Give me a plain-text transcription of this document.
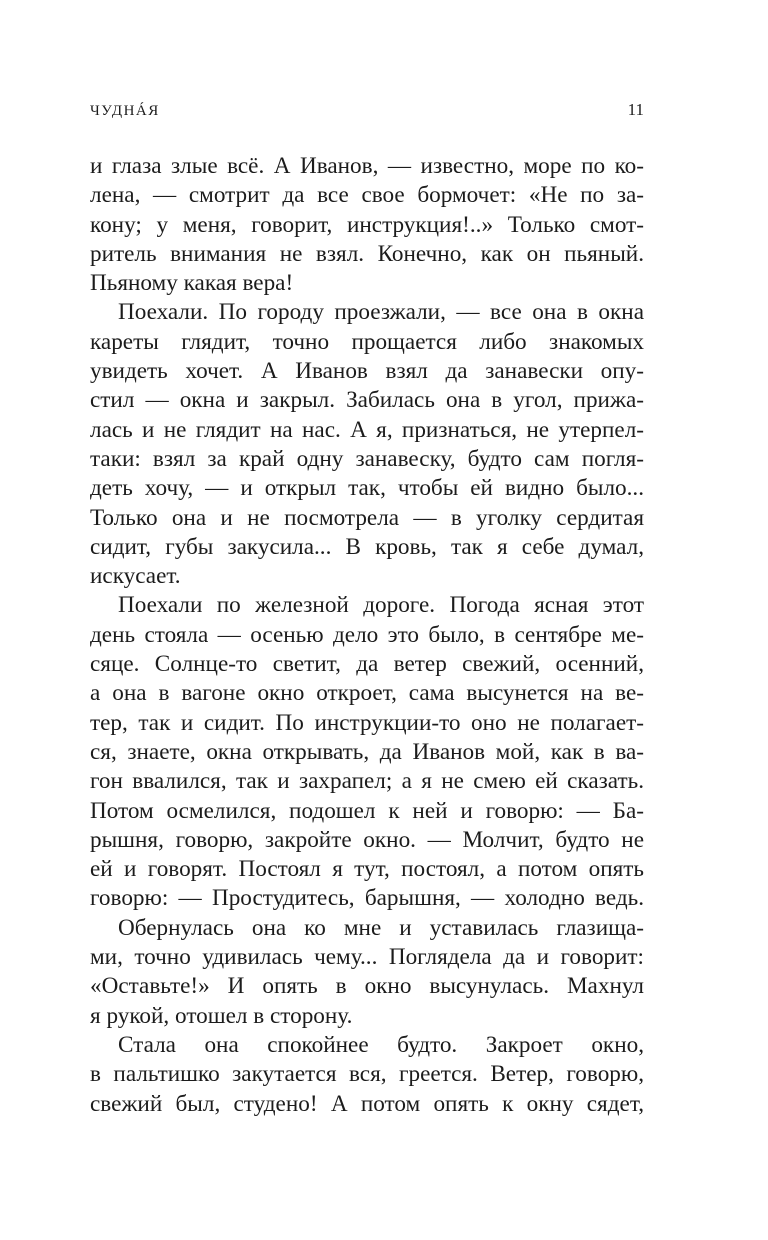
ЧУДНÁЯ	11

и глаза злые всё. А Иванов, — известно, море по ко-
лена, — смотрит да все свое бормочет: «Не по за-
кону; у меня, говорит, инструкция!..» Только смот-
ритель внимания не взял. Конечно, как он пьяный.
Пьяному какая вера!

Поехали. По городу проезжали, — все она в окна
кареты глядит, точно прощается либо знакомых
увидеть хочет. А Иванов взял да занавески опу-
стил — окна и закрыл. Забилась она в угол, прижа-
лась и не глядит на нас. А я, признаться, не утерпел-
таки: взял за край одну занавеску, будто сам погля-
деть хочу, — и открыл так, чтобы ей видно было...
Только она и не посмотрела — в уголку сердитая
сидит, губы закусила... В кровь, так я себе думал,
искусает.

Поехали по железной дороге. Погода ясная этот
день стояла — осенью дело это было, в сентябре ме-
сяце. Солнце-то светит, да ветер свежий, осенний,
а она в вагоне окно откроет, сама высунется на ве-
тер, так и сидит. По инструкции-то оно не полагает-
ся, знаете, окна открывать, да Иванов мой, как в ва-
гон ввалился, так и захрапел; а я не смею ей сказать.
Потом осмелился, подошел к ней и говорю: — Ба-
рышня, говорю, закройте окно. — Молчит, будто не
ей и говорят. Постоял я тут, постоял, а потом опять
говорю: — Простудитесь, барышня, — холодно ведь.

Обернулась она ко мне и уставилась глазища-
ми, точно удивилась чему... Поглядела да и говорит:
«Оставьте!» И опять в окно высунулась. Махнул
я рукой, отошел в сторону.

Стала она спокойнее будто. Закроет окно,
в пальтишко закутается вся, греется. Ветер, говорю,
свежий был, студено! А потом опять к окну сядет,
